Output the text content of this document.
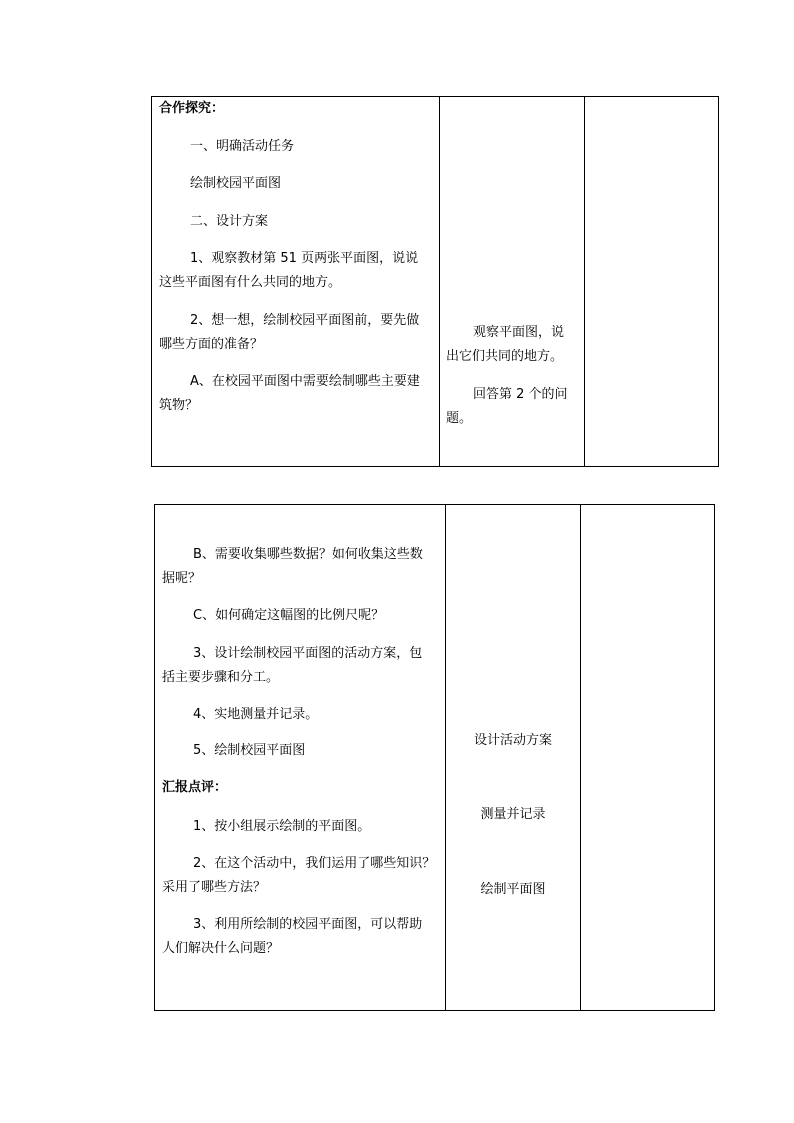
合作探究：
一、明确活动任务
绘制校园平面图
二、设计方案
1、观察教材第 51 页两张平面图，说说
这些平面图有什么共同的地方。
2、想一想，绘制校园平面图前，要先做
哪些方面的准备？
A、在校园平面图中需要绘制哪些主要建
筑物？
观察平面图，说
出它们共同的地方。
回答第 2 个的问
题。
B、需要收集哪些数据？如何收集这些数
据呢？
C、如何确定这幅图的比例尺呢？
3、设计绘制校园平面图的活动方案，包
括主要步骤和分工。
4、实地测量并记录。
5、绘制校园平面图
汇报点评：
1、按小组展示绘制的平面图。
2、在这个活动中，我们运用了哪些知识？
采用了哪些方法？
3、利用所绘制的校园平面图，可以帮助
人们解决什么问题？
设计活动方案
测量并记录
绘制平面图
